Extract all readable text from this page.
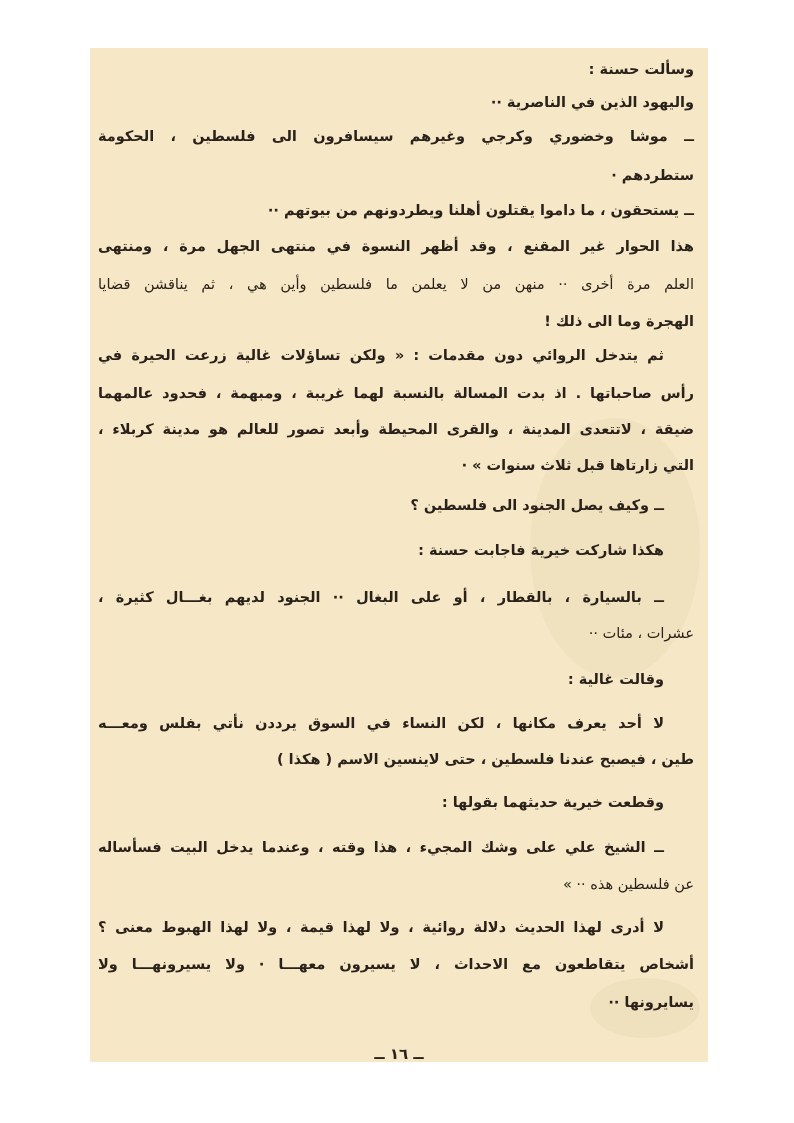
وسألت حسنة :
واليهود الذين في الناصرية ··
ــ موشا وخضوري وكرجي وغيرهم سيسافرون الى فلسطين ، الحكومة
ستطردهم ·
ــ يستحقون ، ما داموا يقتلون أهلنا ويطردونهم من بيوتهم ··
هذا الحوار غير المقنع ، وقد أظهر النسوة في منتهى الجهل مرة ، ومنتهى
العلم مرة أخرى ·· منهن من لا يعلمن ما فلسطين وأين هي ، ثم يناقشن قضايا
الهجرة وما الى ذلك !
ثم يتدخل الروائي دون مقدمات : « ولكن تساؤلات غالية زرعت الحيرة في
رأس صاحباتها . اذ بدت المسالة بالنسبة لهما غريبة ، ومبهمة ، فحدود عالمهما
ضيقة ، لاتتعدى المدينة ، والقرى المحيطة وأبعد تصور للعالم هو مدينة كربلاء ،
التي زارتاها قبل ثلاث سنوات » ·
ــ وكيف يصل الجنود الى فلسطين ؟
هكذا شاركت خيرية فاجابت حسنة :
ــ بالسيارة ، بالقطار ، أو على البغال ·· الجنود لديهم بغـــال كثيرة ،
عشرات ، مئات ··
وقالت غالية :
لا أحد يعرف مكانها ، لكن النساء في السوق يرددن نأتي بفلس ومعـــه
طين ، فيصبح عندنا فلسطين ، حتى لاينسين الاسم ( هكذا )
وقطعت خيرية حديثهما بقولها :
ــ الشيخ علي على وشك المجيء ، هذا وقته ، وعندما يدخل البيت فسأساله
عن فلسطين هذه ·· »
لا أدرى لهذا الحديث دلالة روائية ، ولا لهذا قيمة ، ولا لهذا الهبوط معنى ؟
أشخاص يتقاطعون مع الاحداث ، لا يسيرون معهـــا · ولا يسيرونهـــا ولا
يسايرونها ··
ــ ١٦ ــ
